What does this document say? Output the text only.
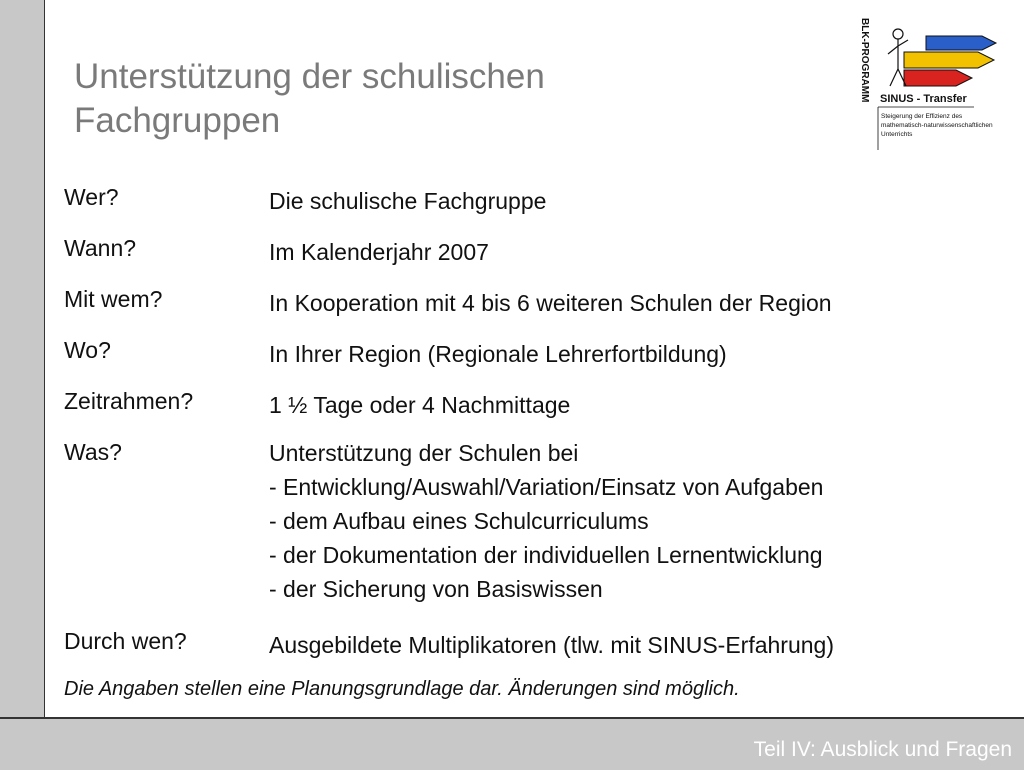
Unterstützung der schulischen
Fachgruppen
BLK-PROGRAMM SINUS - Transfer
Steigerung der Effizienz des
mathematisch-naturwissenschaftlichen
Unterrichts
Wer?	Die schulische Fachgruppe
Wann?	Im Kalenderjahr 2007
Mit wem?	In Kooperation mit 4 bis 6 weiteren Schulen der Region
Wo?	In Ihrer Region (Regionale Lehrerfortbildung)
Zeitrahmen?	1 ½ Tage oder 4 Nachmittage
Was?	Unterstützung der Schulen bei
- Entwicklung/Auswahl/Variation/Einsatz von Aufgaben
- dem Aufbau eines Schulcurriculums
- der Dokumentation der individuellen Lernentwicklung
- der Sicherung von Basiswissen
Durch wen?	Ausgebildete Multiplikatoren (tlw. mit SINUS-Erfahrung)
Die Angaben stellen eine Planungsgrundlage dar. Änderungen sind möglich.
Teil IV: Ausblick und Fragen
